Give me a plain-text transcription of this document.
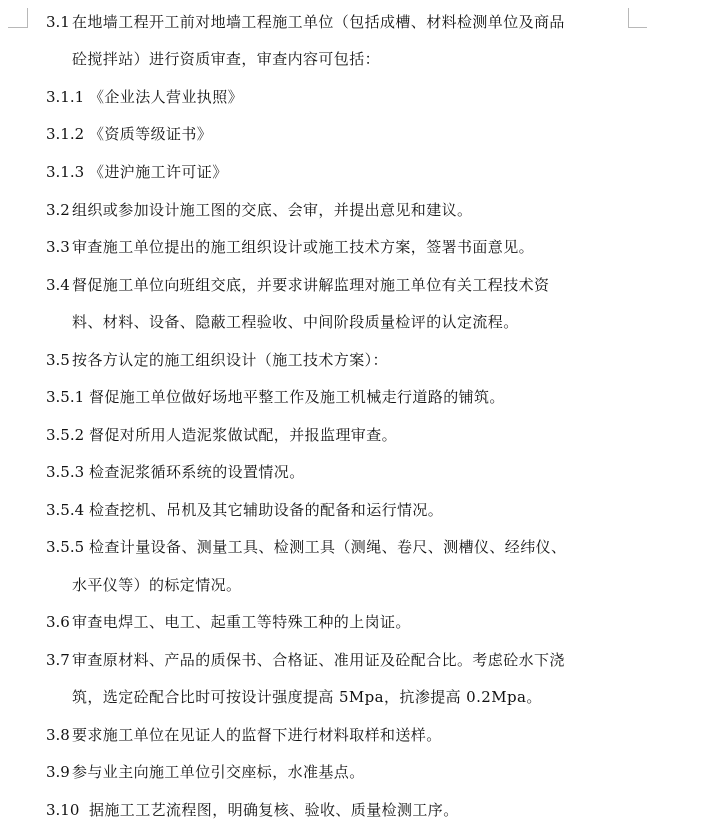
3.1 在地墙工程开工前对地墙工程施工单位（包括成槽、材料检测单位及商品
砼搅拌站）进行资质审查，审查内容可包括：
3.1.1 《企业法人营业执照》
3.1.2 《资质等级证书》
3.1.3 《进沪施工许可证》
3.2 组织或参加设计施工图的交底、会审，并提出意见和建议。
3.3 审查施工单位提出的施工组织设计或施工技术方案，签署书面意见。
3.4 督促施工单位向班组交底，并要求讲解监理对施工单位有关工程技术资
料、材料、设备、隐蔽工程验收、中间阶段质量检评的认定流程。
3.5 按各方认定的施工组织设计（施工技术方案）：
3.5.1 督促施工单位做好场地平整工作及施工机械走行道路的铺筑。
3.5.2 督促对所用人造泥浆做试配，并报监理审查。
3.5.3 检查泥浆循环系统的设置情况。
3.5.4 检查挖机、吊机及其它辅助设备的配备和运行情况。
3.5.5 检查计量设备、测量工具、检测工具（测绳、卷尺、测槽仪、经纬仪、
水平仪等）的标定情况。
3.6 审查电焊工、电工、起重工等特殊工种的上岗证。
3.7 审查原材料、产品的质保书、合格证、准用证及砼配合比。考虑砼水下浇
筑，选定砼配合比时可按设计强度提高 5Mpa，抗渗提高 0.2Mpa。
3.8 要求施工单位在见证人的监督下进行材料取样和送样。
3.9 参与业主向施工单位引交座标，水准基点。
3.10 据施工工艺流程图，明确复核、验收、质量检测工序。
